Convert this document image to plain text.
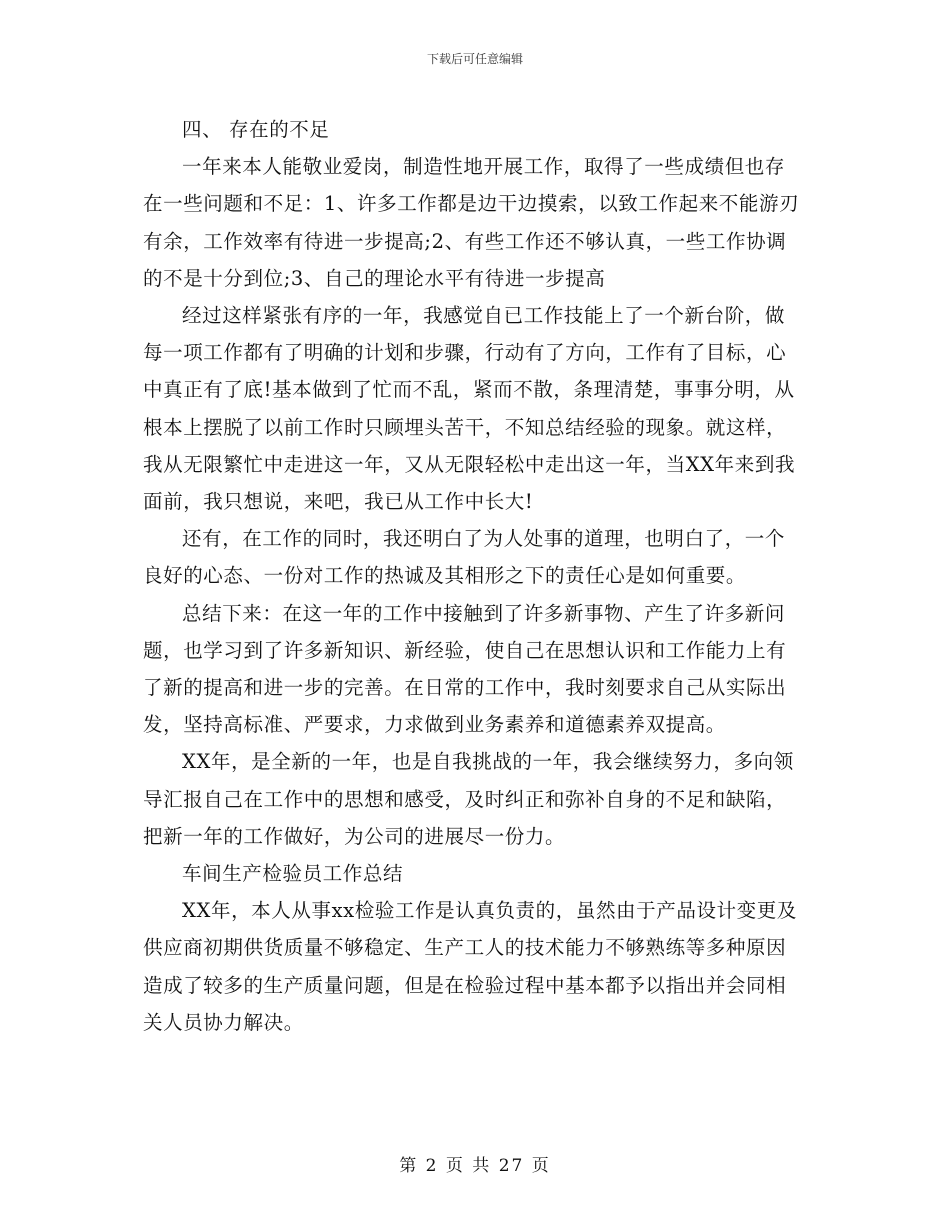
下载后可任意编辑

四、 存在的不足

一年来本人能敬业爱岗，制造性地开展工作，取得了一些成绩但也存在一些问题和不足：1、许多工作都是边干边摸索，以致工作起来不能游刃有余，工作效率有待进一步提高;2、有些工作还不够认真，一些工作协调的不是十分到位;3、自己的理论水平有待进一步提高

经过这样紧张有序的一年，我感觉自已工作技能上了一个新台阶，做每一项工作都有了明确的计划和步骤，行动有了方向，工作有了目标，心中真正有了底!基本做到了忙而不乱，紧而不散，条理清楚，事事分明，从根本上摆脱了以前工作时只顾埋头苦干，不知总结经验的现象。就这样，我从无限繁忙中走进这一年，又从无限轻松中走出这一年，当XX年来到我面前，我只想说，来吧，我已从工作中长大!

还有，在工作的同时，我还明白了为人处事的道理，也明白了，一个良好的心态、一份对工作的热诚及其相形之下的责任心是如何重要。

总结下来：在这一年的工作中接触到了许多新事物、产生了许多新问题，也学习到了许多新知识、新经验，使自己在思想认识和工作能力上有了新的提高和进一步的完善。在日常的工作中，我时刻要求自己从实际出发，坚持高标准、严要求，力求做到业务素养和道德素养双提高。

XX年，是全新的一年，也是自我挑战的一年，我会继续努力，多向领导汇报自己在工作中的思想和感受，及时纠正和弥补自身的不足和缺陷，把新一年的工作做好，为公司的进展尽一份力。

车间生产检验员工作总结

XX年，本人从事xx检验工作是认真负责的，虽然由于产品设计变更及供应商初期供货质量不够稳定、生产工人的技术能力不够熟练等多种原因造成了较多的生产质量问题，但是在检验过程中基本都予以指出并会同相关人员协力解决。

第 2 页 共 27 页
